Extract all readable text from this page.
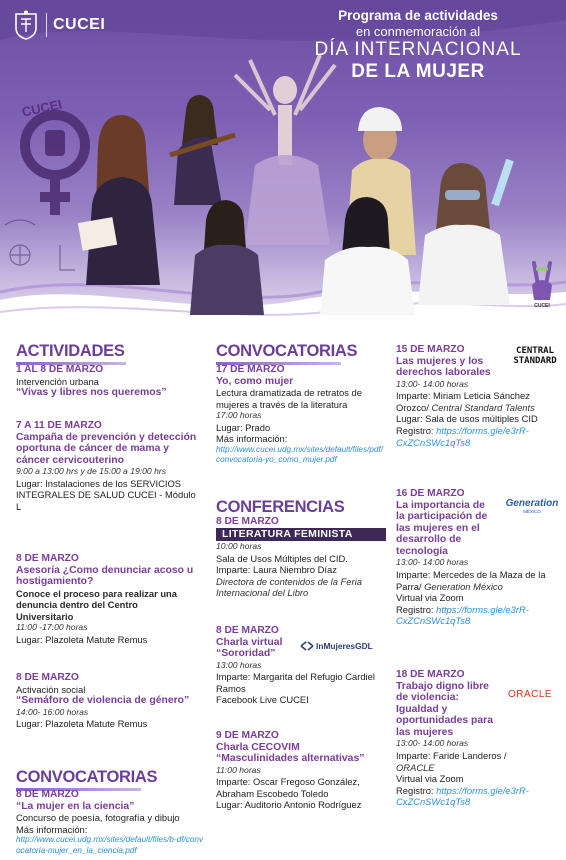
CUCEI
Programa de actividades
en conmemoración al
DÍA INTERNACIONAL
DE LA MUJER
CUCEI
CUCEI
ACTIVIDADES
1 AL 8 DE MARZO
Intervención urbana
“Vivas y libres nos queremos”
7 A 11 DE MARZO
Campaña de prevención y detección oportuna de cáncer de mama y cáncer cervicouterino
9:00 a 13:00 hrs y de 15:00 a 19:00 hrs
Lugar: Instalaciones de los SERVICIOS INTEGRALES DE SALUD CUCEI - Módulo L
8 DE MARZO
Asesoría ¿Como denunciar acoso u hostigamiento?
Conoce el proceso para realizar una denuncia dentro del Centro Universitario
11:00 -17:00 horas
Lugar: Plazoleta Matute Remus
8 DE MARZO
Activación social
“Semáforo de violencia de género”
14:00- 16:00 horas
Lugar: Plazoleta Matute Remus
CONVOCATORIAS
8 DE MARZO
“La mujer en la ciencia”
Concurso de poesía, fotografía y dibujo
Más información:
http://www.cucei.udg.mx/sites/default/files/b-df/convocatoria-mujer_en_la_ciencia.pdf
CONVOCATORIAS
17 DE MARZO
Yo, como mujer
Lectura dramatizada de retratos de mujeres a través de la literatura
17:00 horas
Lugar: Prado
Más información:
http://www.cucei.udg.mx/sites/default/files/pdf/convocatoria-yo_como_mujer.pdf
CONFERENCIAS
8 DE MARZO
LITERATURA FEMINISTA
10:00 horas
Sala de Usos Múltiples del CID.
Imparte: Laura Niembro Díaz
Directora de contenidos de la Feria Internacional del Libro
8 DE MARZO
Charla virtual
“Sororidad”
13:00 horas
Imparte: Margarita del Refugio Cardiel Ramos
Facebook Live CUCEI
InMujeresGDL
9 DE MARZO
Charla CECOVIM
“Masculinidades alternativas”
11:00 horas
Imparte: Oscar Fregoso González, Abraham Escobedo Toledo
Lugar: Auditorio Antonio Rodríguez
15 DE MARZO
Las mujeres y los derechos laborales
13:00- 14:00 horas
Imparte: Miriam Leticia Sánchez Orozco/ Central Standard Talents
Lugar: Sala de usos múltiples CID
Registro: https://forms.gle/e3rR-CxZCnSWc1qTs8
CENTRAL STANDARD
16 DE MARZO
La importancia de la participación de las mujeres en el desarrollo de tecnología
13:00- 14:00 horas
Imparte: Mercedes de la Maza de la Parra/ Generation México
Virtual via Zoom
Registro: https://forms.gle/e3rR-CxZCnSWc1qTs8
Generation
MÉXICO
18 DE MARZO
Trabajo digno libre de violencia: Igualdad y oportunidades para las mujeres
13:00- 14:00 horas
Imparte: Faride Landeros /
ORACLE
Virtual via Zoom
Registro: https://forms.gle/e3rR-CxZCnSWc1qTs8
ORACLE
